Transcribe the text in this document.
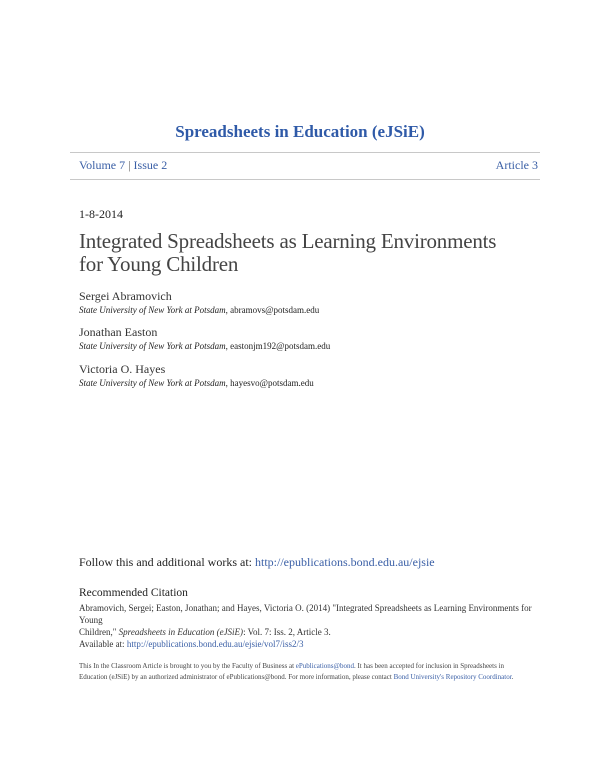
Spreadsheets in Education (eJSiE)
Volume 7 | Issue 2	Article 3
1-8-2014
Integrated Spreadsheets as Learning Environments
for Young Children
Sergei Abramovich
State University of New York at Potsdam, abramovs@potsdam.edu
Jonathan Easton
State University of New York at Potsdam, eastonjm192@potsdam.edu
Victoria O. Hayes
State University of New York at Potsdam, hayesvo@potsdam.edu
Follow this and additional works at: http://epublications.bond.edu.au/ejsie
Recommended Citation
Abramovich, Sergei; Easton, Jonathan; and Hayes, Victoria O. (2014) "Integrated Spreadsheets as Learning Environments for Young
Children," Spreadsheets in Education (eJSiE): Vol. 7: Iss. 2, Article 3.
Available at: http://epublications.bond.edu.au/ejsie/vol7/iss2/3
This In the Classroom Article is brought to you by the Faculty of Business at ePublications@bond. It has been accepted for inclusion in Spreadsheets in Education (eJSiE) by an authorized administrator of ePublications@bond. For more information, please contact Bond University's Repository Coordinator.
